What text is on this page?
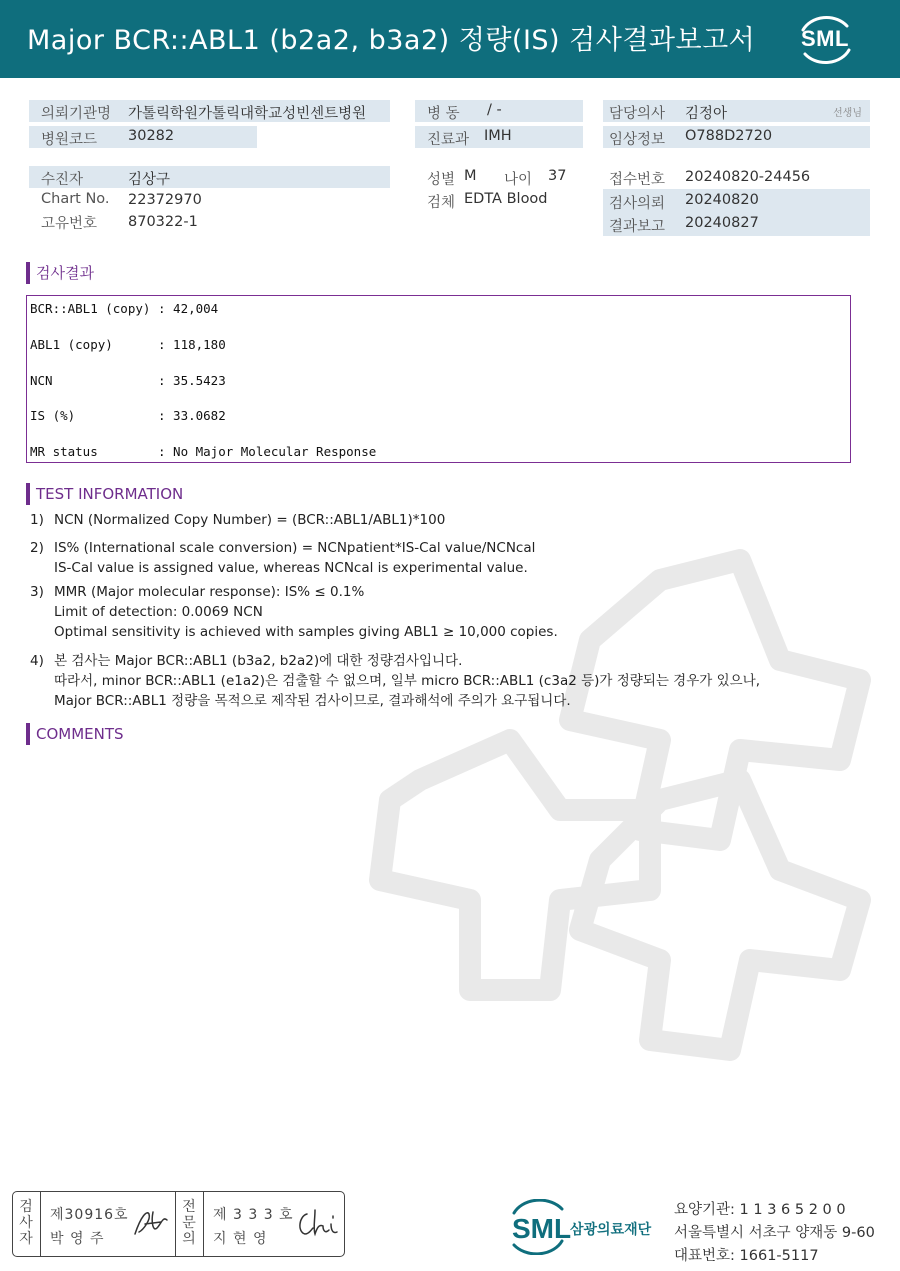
Major BCR::ABL1 (b2a2, b3a2) 정량(IS) 검사결과보고서 SML
의뢰기관명 가톨릭학원가톨릭대학교성빈센트병원
병원코드 30282
수진자	김상구
Chart No. 22372970
고유번호 870322-1
병 동 / -
진료과 IMH
성별 M 나이 37
검체 EDTA Blood
담당의사 김정아	선생님
임상정보 O788D2720
접수번호 20240820-24456
검사의뢰 20240820
결과보고 20240827
검사결과
BCR::ABL1 (copy) : 42,004
ABL1 (copy)	: 118,180
NCN	: 35.5423
IS (%)	: 33.0682
MR status	: No Major Molecular Response
TEST INFORMATION
1) NCN (Normalized Copy Number) = (BCR::ABL1/ABL1)*100
2) IS% (International scale conversion) = NCNpatient*IS-Cal value/NCNcal
IS-Cal value is assigned value, whereas NCNcal is experimental value.
3) MMR (Major molecular response): IS% ≤ 0.1%
Limit of detection: 0.0069 NCN
Optimal sensitivity is achieved with samples giving ABL1 ≥ 10,000 copies.
4) 본 검사는 Major BCR::ABL1 (b3a2, b2a2)에 대한 정량검사입니다.
따라서, minor BCR::ABL1 (e1a2)은 검출할 수 없으며, 일부 micro BCR::ABL1 (c3a2 등)가 정량되는 경우가 있으나,
Major BCR::ABL1 정량을 목적으로 제작된 검사이므로, 결과해석에 주의가 요구됩니다.
COMMENTS
검
사
자
제30916호
박 영 주
전
문
의
제 3 3 3 호
지 현 영	SML
삼광의료재단
요양기관: 1 1 3 6 5 2 0 0
서울특별시 서초구 양재동 9-60
대표번호: 1661-5117
